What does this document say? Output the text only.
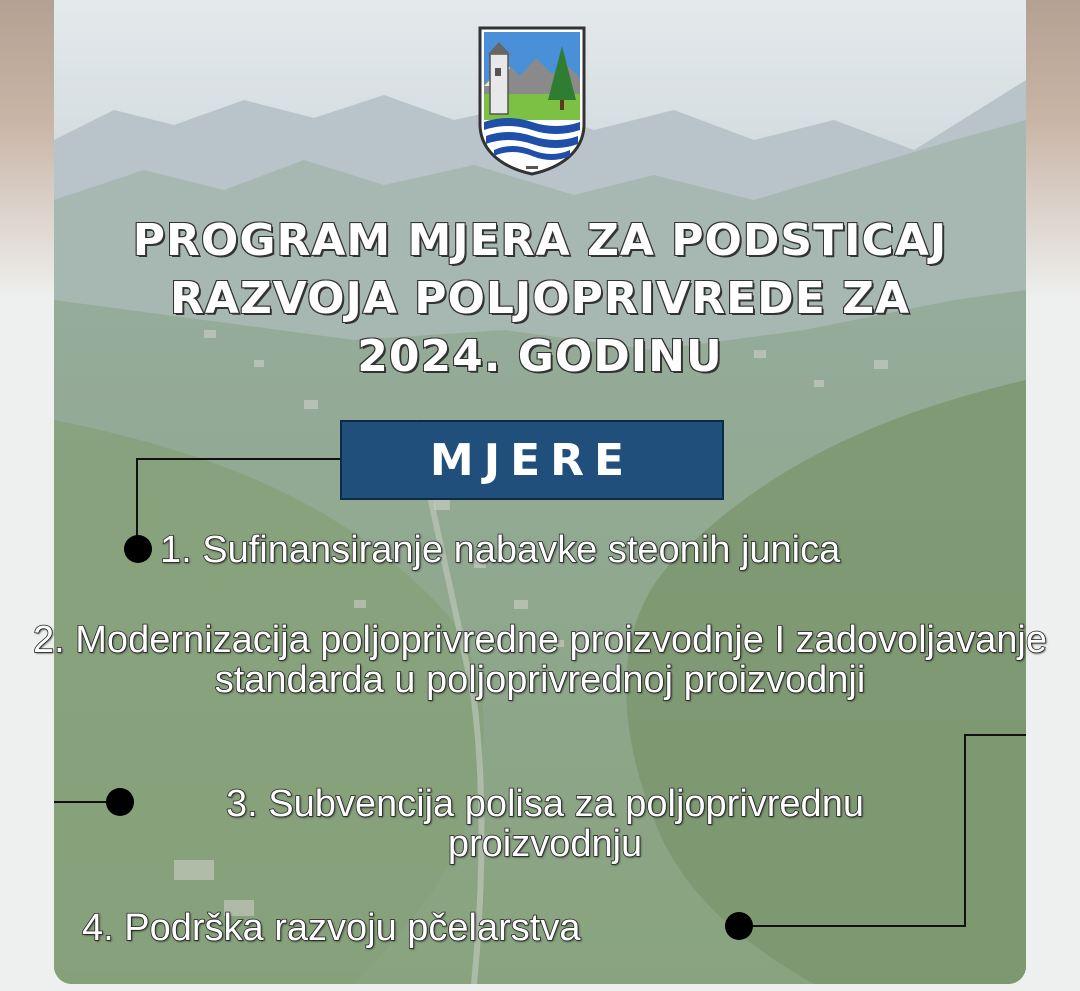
PROGRAM MJERA ZA PODSTICAJ
RAZVOJA POLJOPRIVREDE ZA
2024. GODINU
MJERE
1. Sufinansiranje nabavke steonih junica
2. Modernizacija poljoprivredne proizvodnje I zadovoljavanje standarda u poljoprivrednoj proizvodnji
3. Subvencija polisa za poljoprivrednu proizvodnju
4. Podrška razvoju pčelarstva
